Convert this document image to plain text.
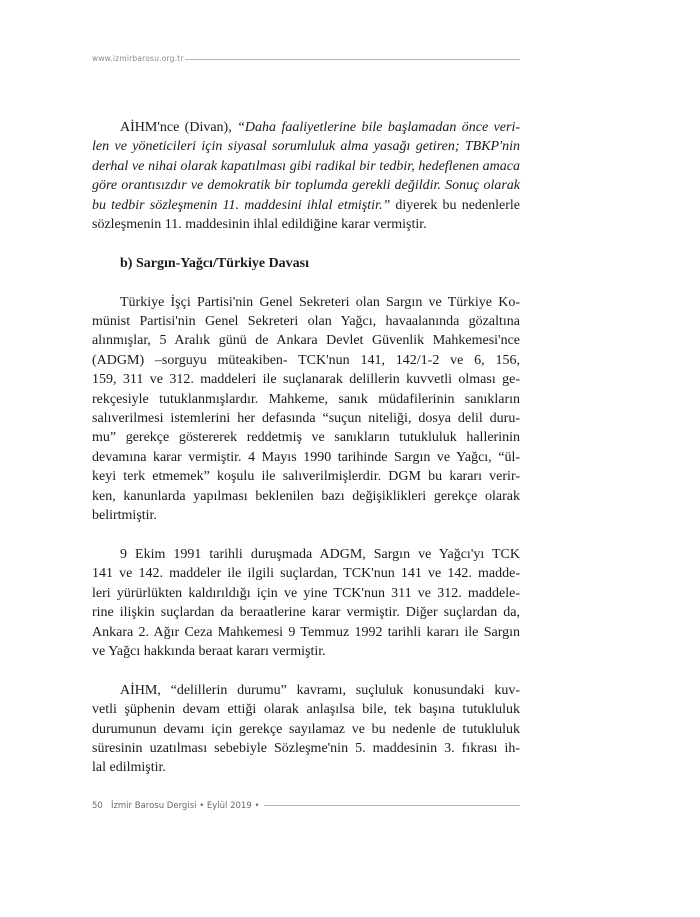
www.izmirbarosu.org.tr
AİHM'nce (Divan), “Daha faaliyetlerine bile başlamadan önce veri-
len ve yöneticileri için siyasal sorumluluk alma yasağı getiren; TBKP'nin
derhal ve nihai olarak kapatılması gibi radikal bir tedbir, hedeflenen amaca
göre orantısızdır ve demokratik bir toplumda gerekli değildir. Sonuç olarak
bu tedbir sözleşmenin 11. maddesini ihlal etmiştir.” diyerek bu nedenlerle
sözleşmenin 11. maddesinin ihlal edildiğine karar vermiştir.
b) Sargın-Yağcı/Türkiye Davası
Türkiye İşçi Partisi'nin Genel Sekreteri olan Sargın ve Türkiye Ko-
münist Partisi'nin Genel Sekreteri olan Yağcı, havaalanında gözaltına
alınmışlar, 5 Aralık günü de Ankara Devlet Güvenlik Mahkemesi'nce
(ADGM) –sorguyu müteakiben- TCK'nun 141, 142/1-2 ve 6, 156,
159, 311 ve 312. maddeleri ile suçlanarak delillerin kuvvetli olması ge-
rekçesiyle tutuklanmışlardır. Mahkeme, sanık müdafilerinin sanıkların
salıverilmesi istemlerini her defasında “suçun niteliği, dosya delil duru-
mu” gerekçe göstererek reddetmiş ve sanıkların tutukluluk hallerinin
devamına karar vermiştir. 4 Mayıs 1990 tarihinde Sargın ve Yağcı, “ül-
keyi terk etmemek” koşulu ile salıverilmişlerdir. DGM bu kararı verir-
ken, kanunlarda yapılması beklenilen bazı değişiklikleri gerekçe olarak
belirtmiştir.
9 Ekim 1991 tarihli duruşmada ADGM, Sargın ve Yağcı'yı TCK
141 ve 142. maddeler ile ilgili suçlardan, TCK'nun 141 ve 142. madde-
leri yürürlükten kaldırıldığı için ve yine TCK'nun 311 ve 312. maddele-
rine ilişkin suçlardan da beraatlerine karar vermiştir. Diğer suçlardan da,
Ankara 2. Ağır Ceza Mahkemesi 9 Temmuz 1992 tarihli kararı ile Sargın
ve Yağcı hakkında beraat kararı vermiştir.
AİHM, “delillerin durumu” kavramı, suçluluk konusundaki kuv-
vetli şüphenin devam ettiği olarak anlaşılsa bile, tek başına tutukluluk
durumunun devamı için gerekçe sayılamaz ve bu nedenle de tutukluluk
süresinin uzatılması sebebiyle Sözleşme'nin 5. maddesinin 3. fıkrası ih-
lal edilmiştir.
50 İzmir Barosu Dergisi • Eylül 2019 •
